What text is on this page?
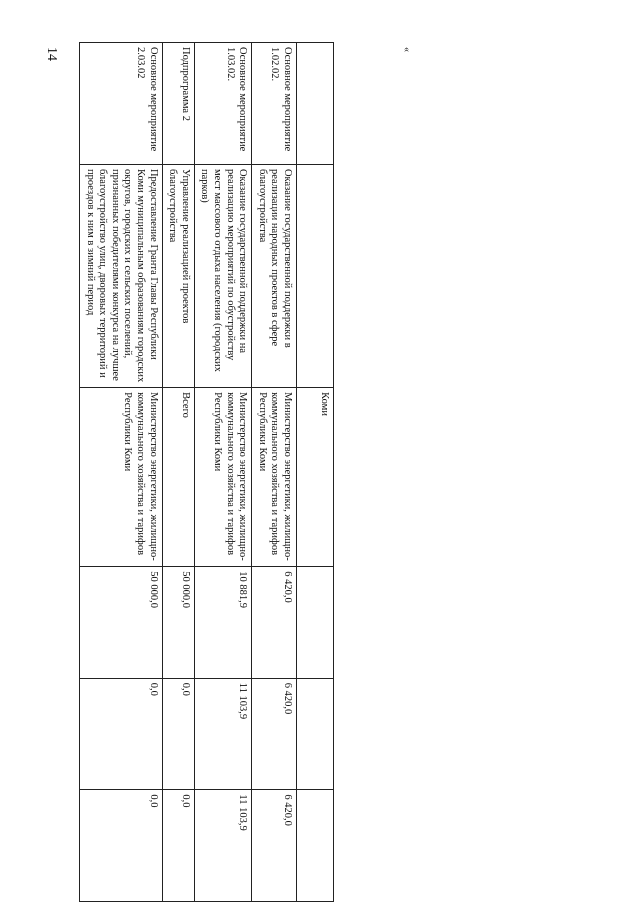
14	«
		Коми			
Основное мероприятие 1.02.02.	Оказание государственной поддержки в реализации народных проектов в сфере благоустройства	Министерство энергетики, жилищно-коммунального хозяйства и тарифов Республики Коми	6 420,0	6 420,0	6 420,0
Основное мероприятие 1.03.02.	Оказание государственной поддержки на реализацию мероприятий по обустройству мест массового отдыха населения (городских парков)	Министерство энергетики, жилищно-коммунального хозяйства и тарифов Республики Коми	10 881,9	11 103,9	11 103,9
Подпрограмма 2	Управление реализацией проектов благоустройства	Всего	50 000,0	0,0	0,0
Основное мероприятие 2.03.02	Предоставление Гранта Главы Республики Коми муниципальным образованиям городских округов, городских и сельских поселений, признанных победителями конкурса на лучшее благоустройство улиц, дворовых территорий и проездов к ним в зимний период	Министерство энергетики, жилищно-коммунального хозяйства и тарифов Республики Коми	50 000,0	0,0	0,0
